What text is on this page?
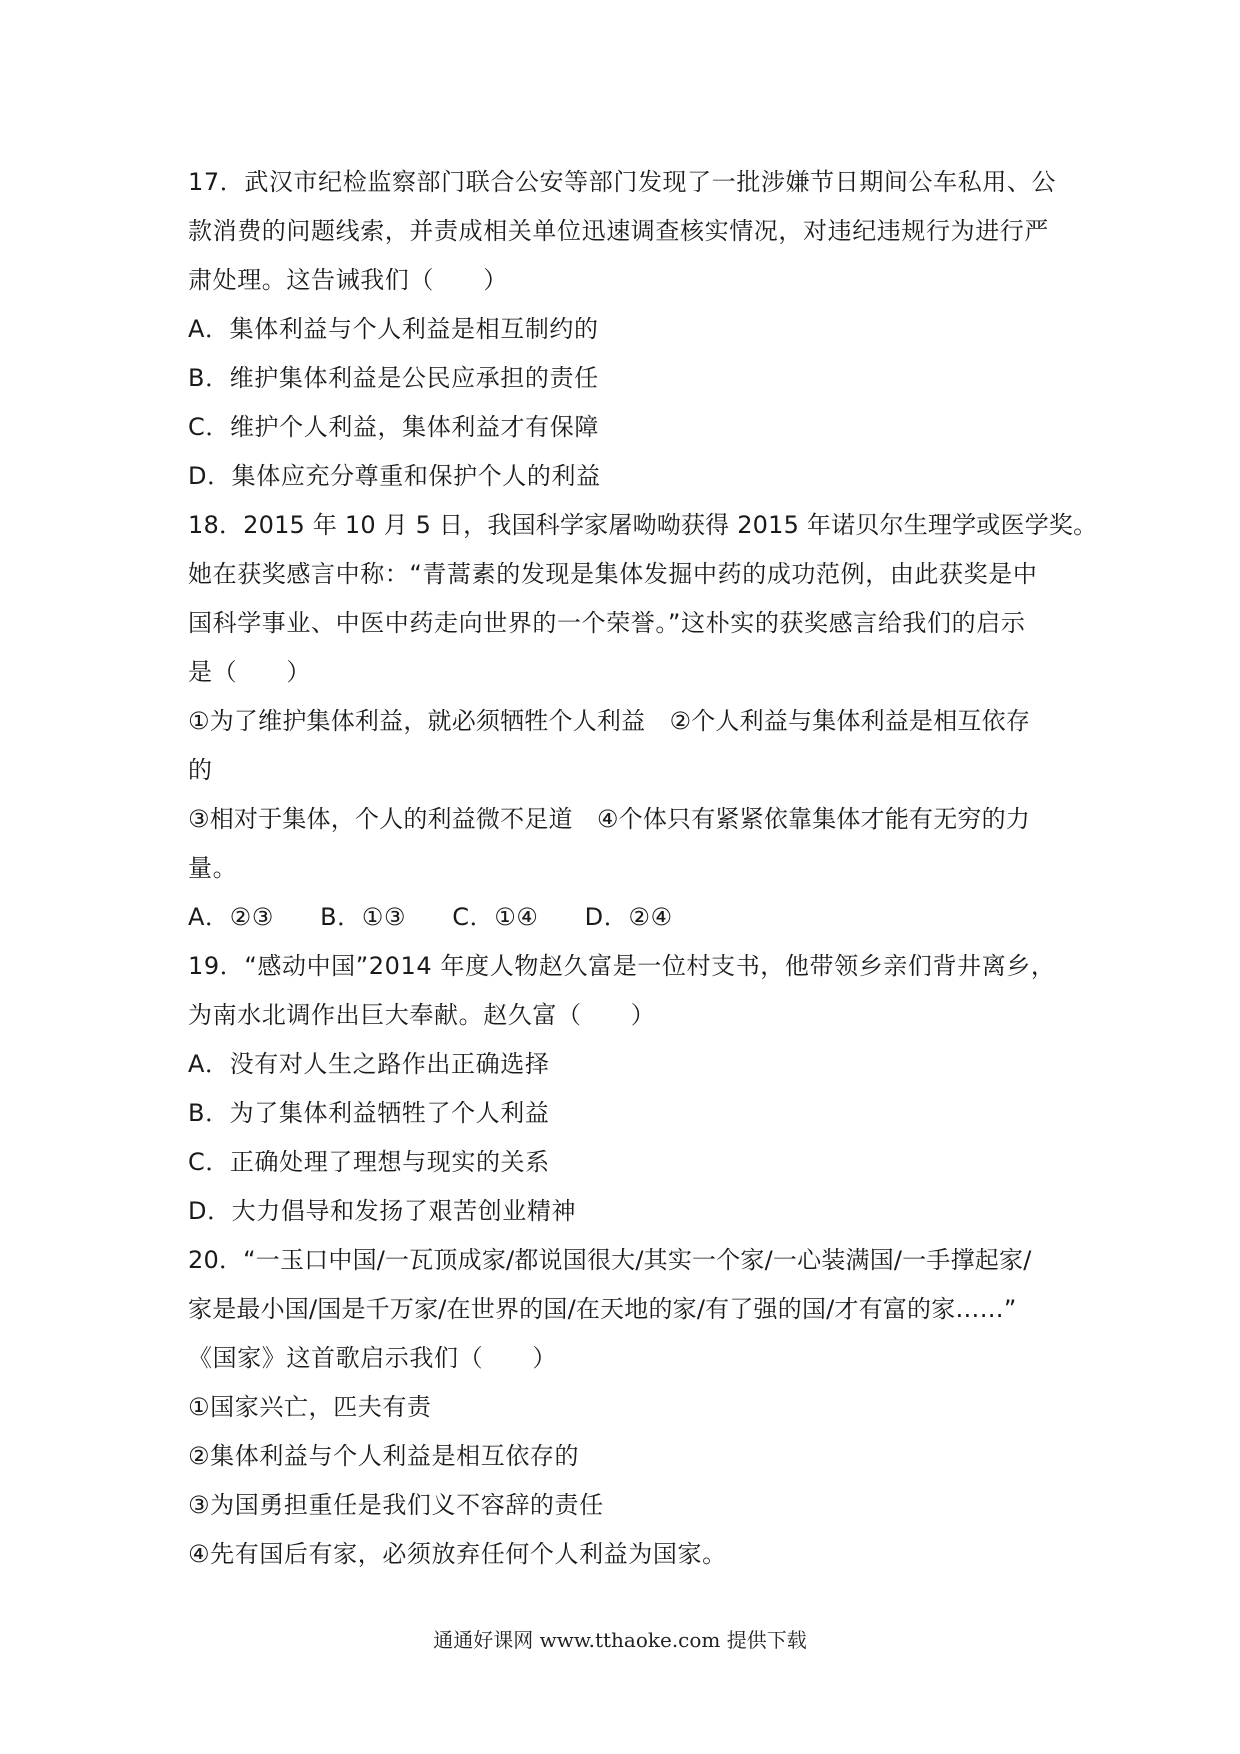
17．武汉市纪检监察部门联合公安等部门发现了一批涉嫌节日期间公车私用、公
款消费的问题线索，并责成相关单位迅速调查核实情况，对违纪违规行为进行严
肃处理。这告诫我们（　　）
A．集体利益与个人利益是相互制约的
B．维护集体利益是公民应承担的责任
C．维护个人利益，集体利益才有保障
D．集体应充分尊重和保护个人的利益
18．2015 年 10 月 5 日，我国科学家屠呦呦获得 2015 年诺贝尔生理学或医学奖。
她在获奖感言中称：“青蒿素的发现是集体发掘中药的成功范例，由此获奖是中
国科学事业、中医中药走向世界的一个荣誉。”这朴实的获奖感言给我们的启示
是（　　）
①为了维护集体利益，就必须牺牲个人利益　②个人利益与集体利益是相互依存
的
③相对于集体，个人的利益微不足道　④个体只有紧紧依靠集体才能有无穷的力
量。
A．②③ B．①③ C．①④ D．②④
19．“感动中国”2014 年度人物赵久富是一位村支书，他带领乡亲们背井离乡，
为南水北调作出巨大奉献。赵久富（　　）
A．没有对人生之路作出正确选择
B．为了集体利益牺牲了个人利益
C．正确处理了理想与现实的关系
D．大力倡导和发扬了艰苦创业精神
20．“一玉口中国/一瓦顶成家/都说国很大/其实一个家/一心装满国/一手撑起家/
家是最小国/国是千万家/在世界的国/在天地的家/有了强的国/才有富的家……”
《国家》这首歌启示我们（　　）
①国家兴亡，匹夫有责
②集体利益与个人利益是相互依存的
③为国勇担重任是我们义不容辞的责任
④先有国后有家，必须放弃任何个人利益为国家。
通通好课网 www.tthaoke.com 提供下载
